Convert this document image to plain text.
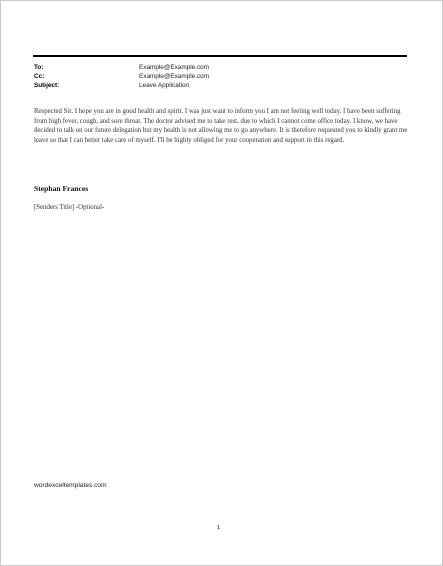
To:	Example@Example.com
Cc:	Example@Example.com
Subject:	Leave Application
Respected Sir, I hope you are in good health and spirit. I was just want to inform you I am not feeling well today. I have been suffering from high fever, cough, and sore throat. The doctor advised me to take rest, due to which I cannot come office today. I know, we have decided to talk on our future delegation but my health is not allowing me to go anywhere. It is therefore requested you to kindly grant me leave so that I can better take care of myself. I'll be highly obliged for your cooperation and support in this regard.
Stephan Frances
[Senders Title] -Optional-
wordexceltemplates.com
1
